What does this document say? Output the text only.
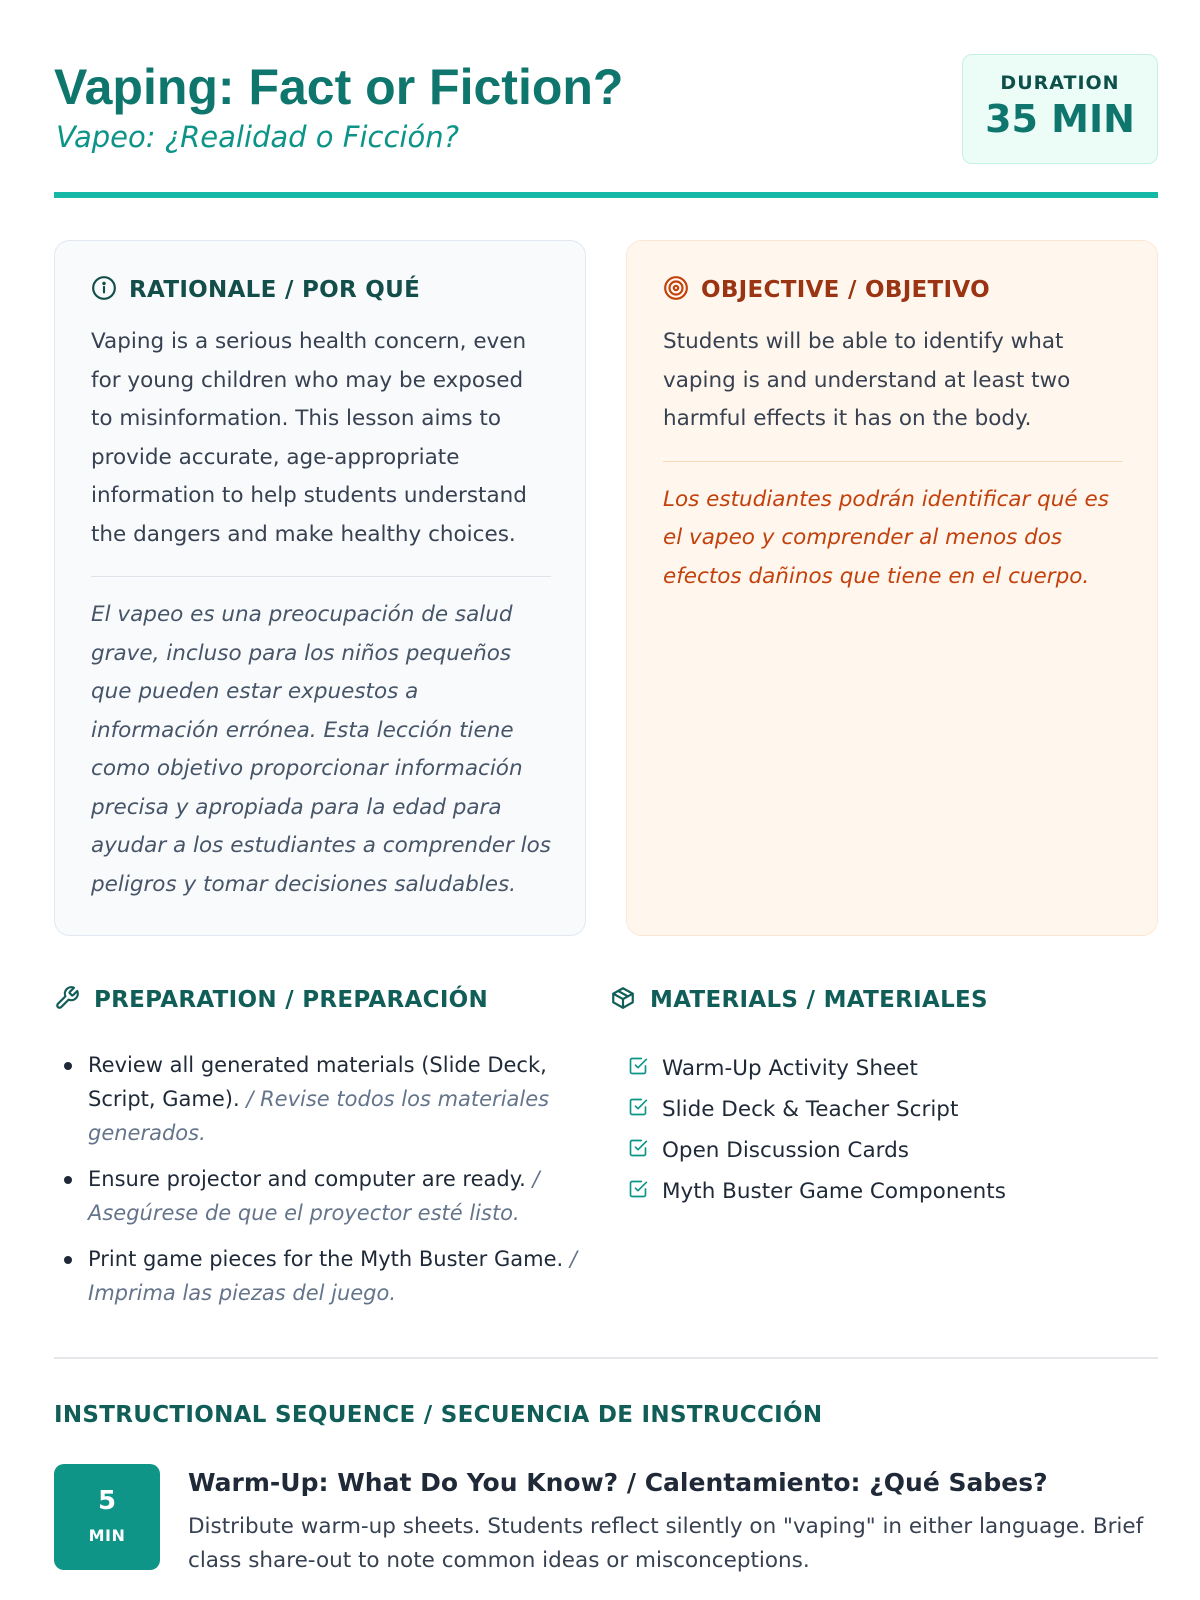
Vaping: Fact or Fiction?
Vapeo: ¿Realidad o Ficción?
DURATION
35 MIN
RATIONALE / POR QUÉ

Vaping is a serious health concern, even for young children who may be exposed to misinformation. This lesson aims to provide accurate, age-appropriate information to help students understand the dangers and make healthy choices.

El vapeo es una preocupación de salud grave, incluso para los niños pequeños que pueden estar expuestos a información errónea. Esta lección tiene como objetivo proporcionar información precisa y apropiada para la edad para ayudar a los estudiantes a comprender los peligros y tomar decisiones saludables.

OBJECTIVE / OBJETIVO

Students will be able to identify what vaping is and understand at least two harmful effects it has on the body.

Los estudiantes podrán identificar qué es el vapeo y comprender al menos dos efectos dañinos que tiene en el cuerpo.

PREPARATION / PREPARACIÓN
Review all generated materials (Slide Deck, Script, Game). / Revise todos los materiales generados.
Ensure projector and computer are ready. / Asegúrese de que el proyector esté listo.
Print game pieces for the Myth Buster Game. / Imprima las piezas del juego.
MATERIALS / MATERIALES
Warm-Up Activity Sheet
Slide Deck & Teacher Script
Open Discussion Cards
Myth Buster Game Components
INSTRUCTIONAL SEQUENCE / SECUENCIA DE INSTRUCCIÓN
5
MIN
Warm-Up: What Do You Know? / Calentamiento: ¿Qué Sabes?
Distribute warm-up sheets. Students reflect silently on "vaping" in either language. Brief class share-out to note common ideas or misconceptions.
